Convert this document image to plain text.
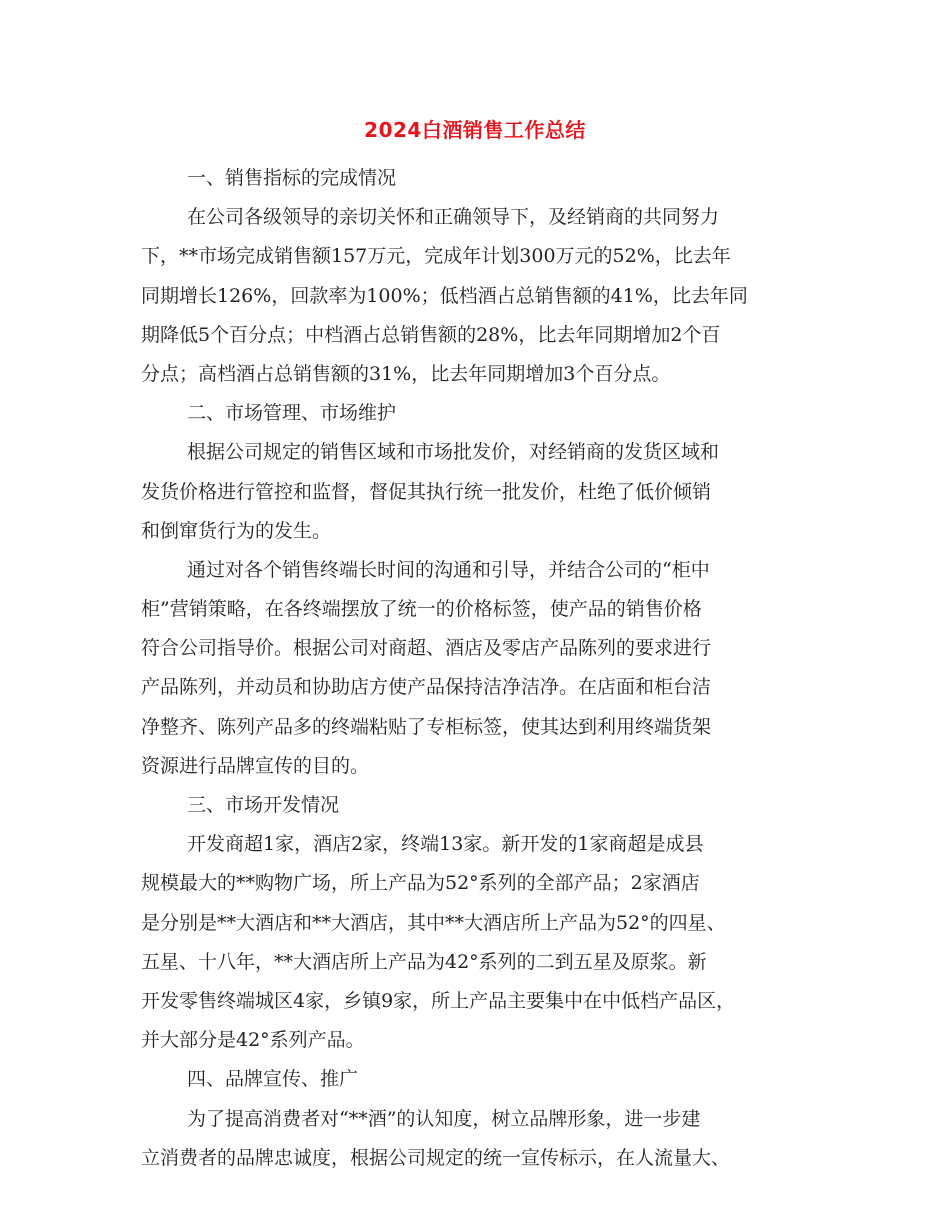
2024白酒销售工作总结
一、销售指标的完成情况
在公司各级领导的亲切关怀和正确领导下，及经销商的共同努力
下，**市场完成销售额157万元，完成年计划300万元的52%，比去年
同期增长126%，回款率为100%；低档酒占总销售额的41%，比去年同
期降低5个百分点；中档酒占总销售额的28%，比去年同期增加2个百
分点；高档酒占总销售额的31%，比去年同期增加3个百分点。
二、市场管理、市场维护
根据公司规定的销售区域和市场批发价，对经销商的发货区域和
发货价格进行管控和监督，督促其执行统一批发价，杜绝了低价倾销
和倒窜货行为的发生。
通过对各个销售终端长时间的沟通和引导，并结合公司的“柜中
柜”营销策略，在各终端摆放了统一的价格标签，使产品的销售价格
符合公司指导价。根据公司对商超、酒店及零店产品陈列的要求进行
产品陈列，并动员和协助店方使产品保持洁净洁净。在店面和柜台洁
净整齐、陈列产品多的终端粘贴了专柜标签，使其达到利用终端货架
资源进行品牌宣传的目的。
三、市场开发情况
开发商超1家，酒店2家，终端13家。新开发的1家商超是成县
规模最大的**购物广场，所上产品为52°系列的全部产品；2家酒店
是分别是**大酒店和**大酒店，其中**大酒店所上产品为52°的四星、
五星、十八年，**大酒店所上产品为42°系列的二到五星及原浆。新
开发零售终端城区4家，乡镇9家，所上产品主要集中在中低档产品区，
并大部分是42°系列产品。
四、品牌宣传、推广
为了提高消费者对“**酒”的认知度，树立品牌形象，进一步建
立消费者的品牌忠诚度，根据公司规定的统一宣传标示，在人流量大、
